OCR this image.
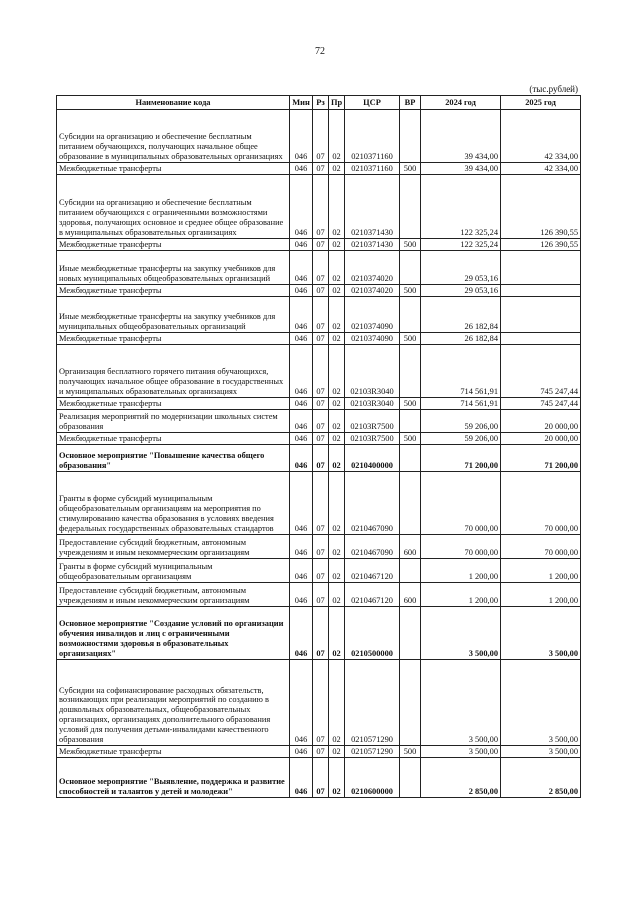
72
(тыс.рублей)
Наименование кода	Мин	Рз	Пр	ЦСР	ВР	2024 год	2025 год
Субсидии на организацию и обеспечение бесплатным питанием обучающихся, получающих начальное общее образование в муниципальных образовательных организациях	046	07	02	0210371160		39 434,00	42 334,00
Межбюджетные трансферты	046	07	02	0210371160	500	39 434,00	42 334,00
Субсидии на организацию и обеспечение бесплатным питанием обучающихся с ограниченными возможностями здоровья, получающих основное и среднее общее образование в муниципальных образовательных организациях	046	07	02	0210371430		122 325,24	126 390,55
Межбюджетные трансферты	046	07	02	0210371430	500	122 325,24	126 390,55
Иные межбюджетные трансферты на закупку учебников для новых муниципальных общеобразовательных организаций	046	07	02	0210374020		29 053,16	
Межбюджетные трансферты	046	07	02	0210374020	500	29 053,16	
Иные межбюджетные трансферты на закупку учебников для муниципальных общеобразовательных организаций	046	07	02	0210374090		26 182,84	
Межбюджетные трансферты	046	07	02	0210374090	500	26 182,84	
Организация бесплатного горячего питания обучающихся, получающих начальное общее образование в государственных и муниципальных образовательных организациях	046	07	02	02103R3040		714 561,91	745 247,44
Межбюджетные трансферты	046	07	02	02103R3040	500	714 561,91	745 247,44
Реализация мероприятий по модернизации школьных систем образования	046	07	02	02103R7500		59 206,00	20 000,00
Межбюджетные трансферты	046	07	02	02103R7500	500	59 206,00	20 000,00
Основное мероприятие "Повышение качества общего образования"	046	07	02	0210400000		71 200,00	71 200,00
Гранты в форме субсидий муниципальным общеобразовательным организациям на мероприятия по стимулированию качества образования в условиях введения федеральных государственных образовательных стандартов	046	07	02	0210467090		70 000,00	70 000,00
Предоставление субсидий бюджетным, автономным учреждениям и иным некоммерческим организациям	046	07	02	0210467090	600	70 000,00	70 000,00
Гранты в форме субсидий муниципальным общеобразовательным организациям	046	07	02	0210467120		1 200,00	1 200,00
Предоставление субсидий бюджетным, автономным учреждениям и иным некоммерческим организациям	046	07	02	0210467120	600	1 200,00	1 200,00
Основное мероприятие "Создание условий по организации обучения инвалидов и лиц с ограниченными возможностями здоровья в образовательных организациях"	046	07	02	0210500000		3 500,00	3 500,00
Субсидии на софинансирование расходных обязательств, возникающих при реализации мероприятий по созданию в дошкольных образовательных, общеобразовательных организациях, организациях дополнительного образования условий для получения детьми-инвалидами качественного образования	046	07	02	0210571290		3 500,00	3 500,00
Межбюджетные трансферты	046	07	02	0210571290	500	3 500,00	3 500,00
Основное мероприятие "Выявление, поддержка и развитие способностей и талантов у детей и молодежи"	046	07	02	0210600000		2 850,00	2 850,00
